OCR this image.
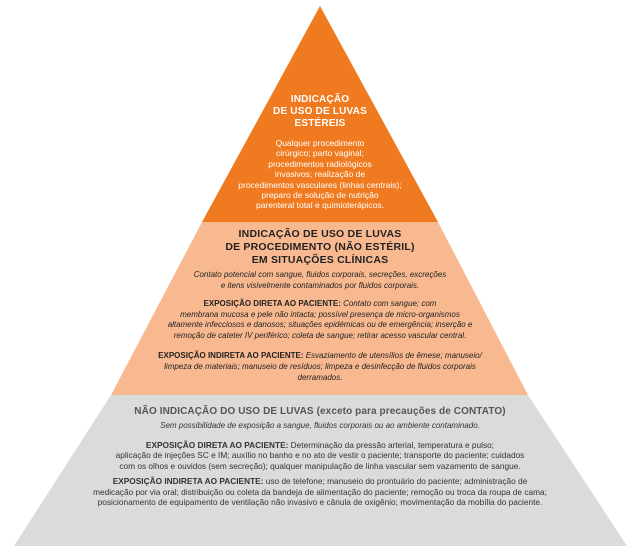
INDICAÇÃO
DE USO DE LUVAS
ESTÉREIS

Qualquer procedimento
cirúrgico; parto vaginal;
procedimentos radiológicos
invasivos; realização de
procedimentos vasculares (linhas centrais);
preparo de solução de nutrição
parenteral total e quimioterápicos.

INDICAÇÃO DE USO DE LUVAS
DE PROCEDIMENTO (NÃO ESTÉRIL)
EM SITUAÇÕES CLÍNICAS

Contato potencial com sangue, fluidos corporais, secreções, excreções
e itens visivelmente contaminados por fluidos corporais.

EXPOSIÇÃO DIRETA AO PACIENTE: Contato com sangue; com
membrana mucosa e pele não intacta; possível presença de micro-organismos
altamente infecciosos e danosos; situações epidémicas ou de emergência; inserção e
remoção de cateter IV periférico; coleta de sangue; retirar acesso vascular central.

EXPOSIÇÃO INDIRETA AO PACIENTE: Esvaziamento de utensílios de êmese; manuseio/
limpeza de materiais; manuseio de resíduos; limpeza e desinfecção de fluidos corporais derramados.

NÃO INDICAÇÃO DO USO DE LUVAS (exceto para precauções de CONTATO)

Sem possibilidade de exposição a sangue, fluidos corporais ou ao ambiente contaminado.

EXPOSIÇÃO DIRETA AO PACIENTE: Determinação da pressão arterial, temperatura e pulso;
aplicação de injeções SC e IM; auxílio no banho e no ato de vestir o paciente; transporte do paciente; cuidados
com os olhos e ouvidos (sem secreção); qualquer manipulação de linha vascular sem vazamento de sangue.

EXPOSIÇÃO INDIRETA AO PACIENTE: uso de telefone; manuseio do prontuário do paciente; administração de
medicação por via oral; distribuição ou coleta da bandeja de alimentação do paciente; remoção ou troca da roupa de cama;
posicionamento de equipamento de ventilação não invasivo e cânula de oxigênio; movimentação da mobília do paciente.
